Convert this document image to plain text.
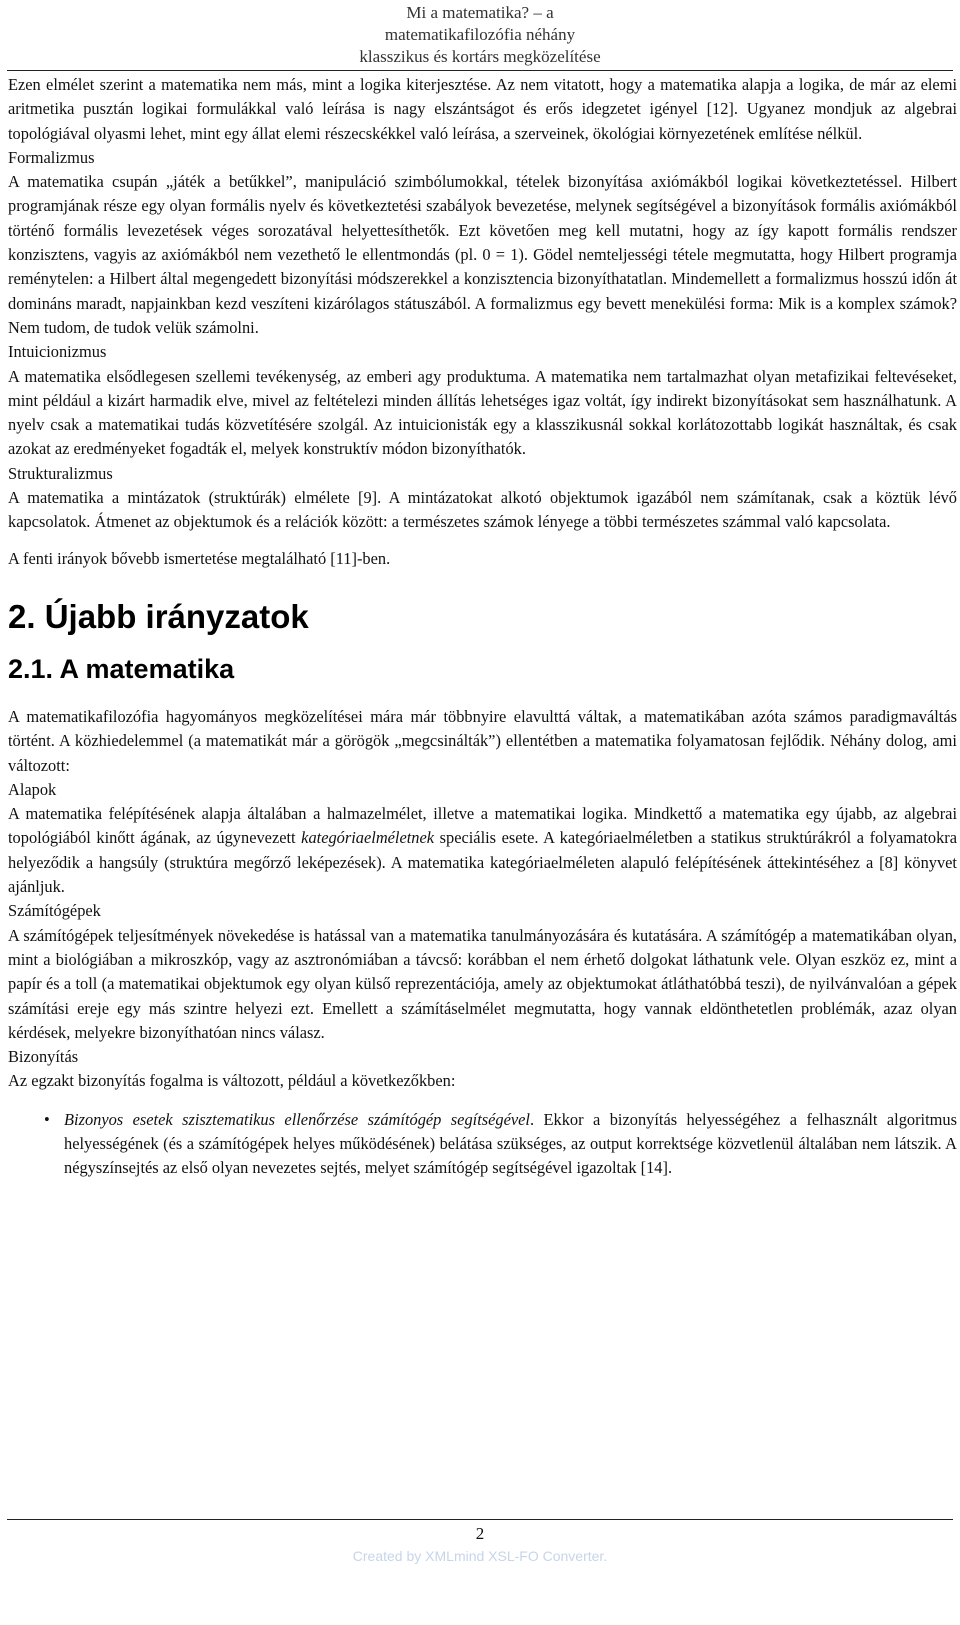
Mi a matematika? – a
matematikafilozófia néhány
klasszikus és kortárs megközelítése

Ezen elmélet szerint a matematika nem más, mint a logika kiterjesztése. Az nem vitatott, hogy a matematika alapja a logika, de már az elemi aritmetika pusztán logikai formulákkal való leírása is nagy elszántságot és erős idegzetet igényel [12]. Ugyanez mondjuk az algebrai topológiával olyasmi lehet, mint egy állat elemi részecskékkel való leírása, a szerveinek, ökológiai környezetének említése nélkül.

Formalizmus

A matematika csupán „játék a betűkkel”, manipuláció szimbólumokkal, tételek bizonyítása axiómákból logikai következtetéssel. Hilbert programjának része egy olyan formális nyelv és következtetési szabályok bevezetése, melynek segítségével a bizonyítások formális axiómákból történő formális levezetések véges sorozatával helyettesíthetők. Ezt követően meg kell mutatni, hogy az így kapott formális rendszer konzisztens, vagyis az axiómákból nem vezethető le ellentmondás (pl. 0 = 1). Gödel nemteljességi tétele megmutatta, hogy Hilbert programja reménytelen: a Hilbert által megengedett bizonyítási módszerekkel a konzisztencia bizonyíthatatlan. Mindemellett a formalizmus hosszú időn át domináns maradt, napjainkban kezd veszíteni kizárólagos státuszából. A formalizmus egy bevett menekülési forma: Mik is a komplex számok? Nem tudom, de tudok velük számolni.

Intuicionizmus

A matematika elsődlegesen szellemi tevékenység, az emberi agy produktuma. A matematika nem tartalmazhat olyan metafizikai feltevéseket, mint például a kizárt harmadik elve, mivel az feltételezi minden állítás lehetséges igaz voltát, így indirekt bizonyításokat sem használhatunk. A nyelv csak a matematikai tudás közvetítésére szolgál. Az intuicionisták egy a klasszikusnál sokkal korlátozottabb logikát használtak, és csak azokat az eredményeket fogadták el, melyek konstruktív módon bizonyíthatók.

Strukturalizmus

A matematika a mintázatok (struktúrák) elmélete [9]. A mintázatokat alkotó objektumok igazából nem számítanak, csak a köztük lévő kapcsolatok. Átmenet az objektumok és a relációk között: a természetes számok lényege a többi természetes számmal való kapcsolata.

A fenti irányok bővebb ismertetése megtalálható [11]-ben.

2. Újabb irányzatok
2.1. A matematika

A matematikafilozófia hagyományos megközelítései mára már többnyire elavulttá váltak, a matematikában azóta számos paradigmaváltás történt. A közhiedelemmel (a matematikát már a görögök „megcsinálták”) ellentétben a matematika folyamatosan fejlődik. Néhány dolog, ami változott:

Alapok

A matematika felépítésének alapja általában a halmazelmélet, illetve a matematikai logika. Mindkettő a matematika egy újabb, az algebrai topológiából kinőtt ágának, az úgynevezett kategóriaelméletnek speciális esete. A kategóriaelméletben a statikus struktúrákról a folyamatokra helyeződik a hangsúly (struktúra megőrző leképezések). A matematika kategóriaelméleten alapuló felépítésének áttekintéséhez a [8] könyvet ajánljuk.

Számítógépek

A számítógépek teljesítmények növekedése is hatással van a matematika tanulmányozására és kutatására. A számítógép a matematikában olyan, mint a biológiában a mikroszkóp, vagy az asztronómiában a távcső: korábban el nem érhető dolgokat láthatunk vele. Olyan eszköz ez, mint a papír és a toll (a matematikai objektumok egy olyan külső reprezentációja, amely az objektumokat átláthatóbbá teszi), de nyilvánvalóan a gépek számítási ereje egy más szintre helyezi ezt. Emellett a számításelmélet megmutatta, hogy vannak eldönthetetlen problémák, azaz olyan kérdések, melyekre bizonyíthatóan nincs válasz.

Bizonyítás

Az egzakt bizonyítás fogalma is változott, például a következőkben:

• Bizonyos esetek szisztematikus ellenőrzése számítógép segítségével. Ekkor a bizonyítás helyességéhez a felhasznált algoritmus helyességének (és a számítógépek helyes működésének) belátása szükséges, az output korrektsége közvetlenül általában nem látszik. A négyszínsejtés az első olyan nevezetes sejtés, melyet számítógép segítségével igazoltak [14].
2
Created by XMLmind XSL-FO Converter.
